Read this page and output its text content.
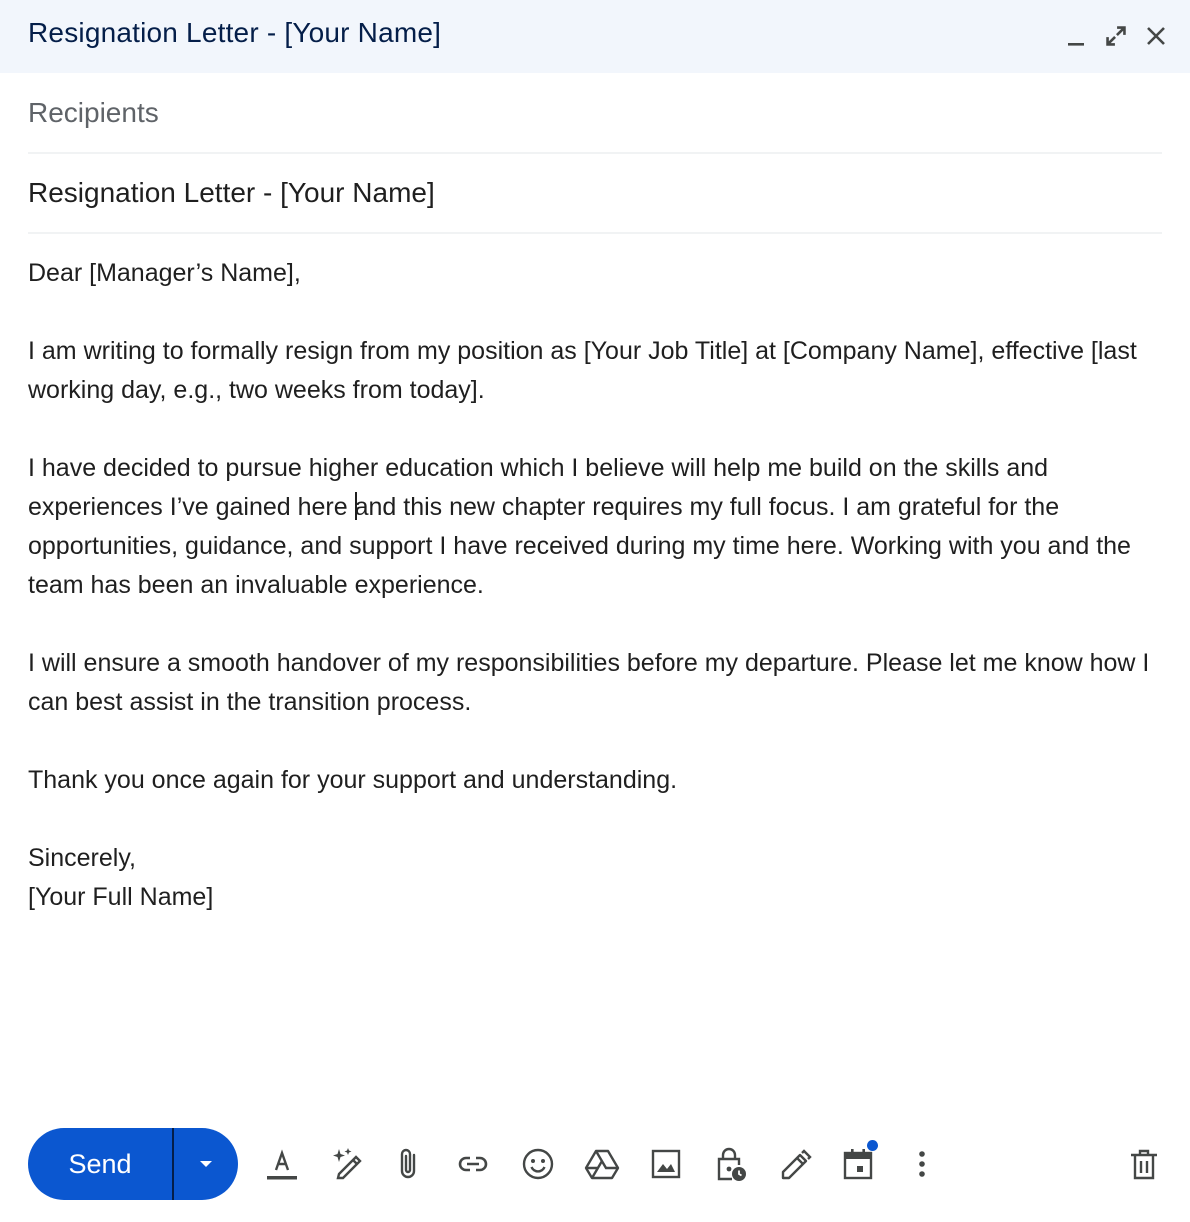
Resignation Letter - [Your Name]
Recipients
Resignation Letter - [Your Name]

Dear [Manager’s Name],

I am writing to formally resign from my position as [Your Job Title] at [Company Name], effective [last working day, e.g., two weeks from today].

I have decided to pursue higher education which I believe will help me build on the skills and experiences I’ve gained here and this new chapter requires my full focus. I am grateful for the opportunities, guidance, and support I have received during my time here. Working with you and the team has been an invaluable experience.

I will ensure a smooth handover of my responsibilities before my departure. Please let me know how I can best assist in the transition process.

Thank you once again for your support and understanding.

Sincerely,

[Your Full Name]

Send
